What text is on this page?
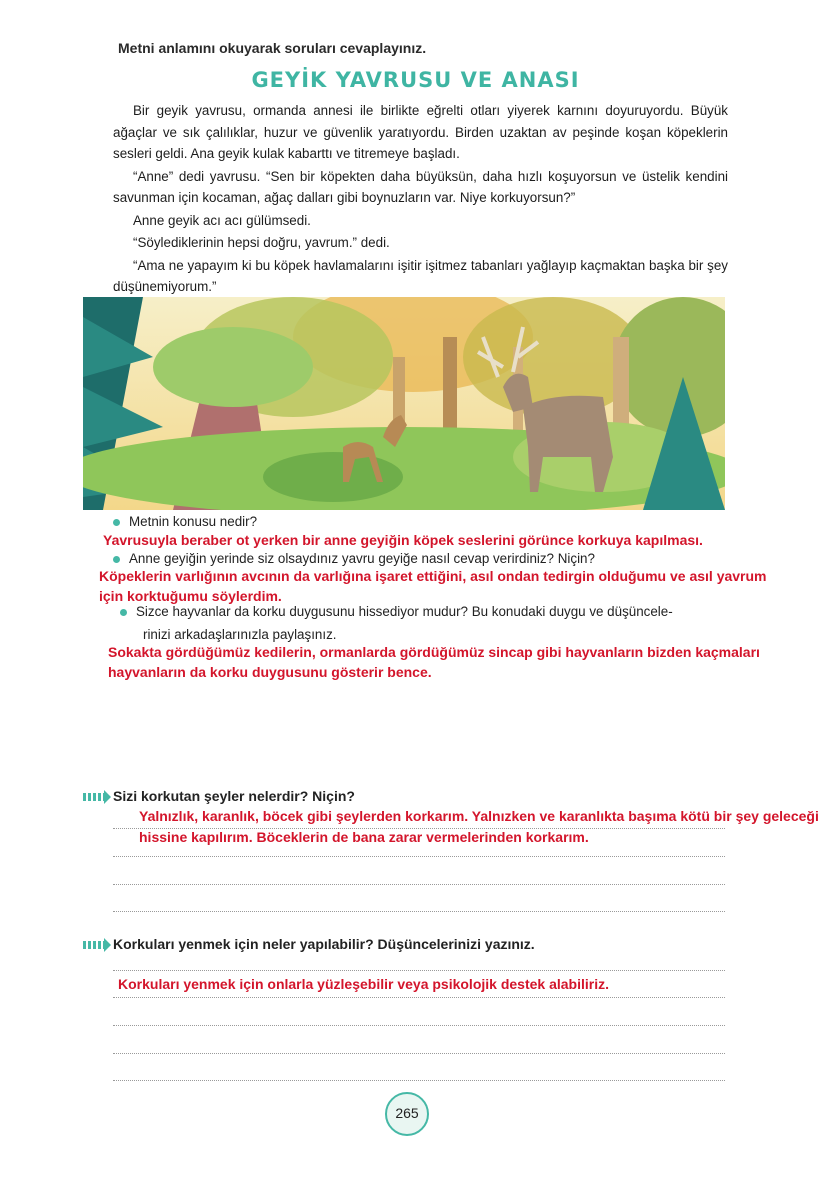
Metni anlamını okuyarak soruları cevaplayınız.
GEYİK YAVRUSU VE ANASI

Bir geyik yavrusu, ormanda annesi ile birlikte eğrelti otları yiyerek karnını doyuruyordu. Büyük ağaçlar ve sık çalılıklar, huzur ve güvenlik yaratıyordu. Birden uzaktan av peşinde koşan köpeklerin sesleri geldi. Ana geyik kulak kabarttı ve titremeye başladı.

“Anne” dedi yavrusu. “Sen bir köpekten daha büyüksün, daha hızlı koşuyorsun ve üstelik kendini savunman için kocaman, ağaç dalları gibi boynuzların var. Niye korkuyorsun?”

Anne geyik acı acı gülümsedi.

“Söylediklerinin hepsi doğru, yavrum.” dedi.

“Ama ne yapayım ki bu köpek havlamalarını işitir işitmez tabanları yağlayıp kaçmaktan başka bir şey düşünemiyorum.”

Metnin konusu nedir?
Yavrusuyla beraber ot yerken bir anne geyiğin köpek seslerini görünce korkuya kapılması.
Anne geyiğin yerinde siz olsaydınız yavru geyiğe nasıl cevap verirdiniz? Niçin?
Köpeklerin varlığının avcının da varlığına işaret ettiğini, asıl ondan tedirgin olduğumu ve asıl yavrum
için korktuğumu söylerdim.
Sizce hayvanlar da korku duygusunu hissediyor mudur? Bu konudaki duygu ve düşüncele-
rinizi arkadaşlarınızla paylaşınız.
Sokakta gördüğümüz kedilerin, ormanlarda gördüğümüz sincap gibi hayvanların bizden kaçmaları
hayvanların da korku duygusunu gösterir bence.
Sizi korkutan şeyler nelerdir? Niçin?
Yalnızlık, karanlık, böcek gibi şeylerden korkarım. Yalnızken ve karanlıkta başıma kötü bir şey geleceği
hissine kapılırım. Böceklerin de bana zarar vermelerinden korkarım.
Korkuları yenmek için neler yapılabilir? Düşüncelerinizi yazınız.
Korkuları yenmek için onlarla yüzleşebilir veya psikolojik destek alabiliriz.
265
